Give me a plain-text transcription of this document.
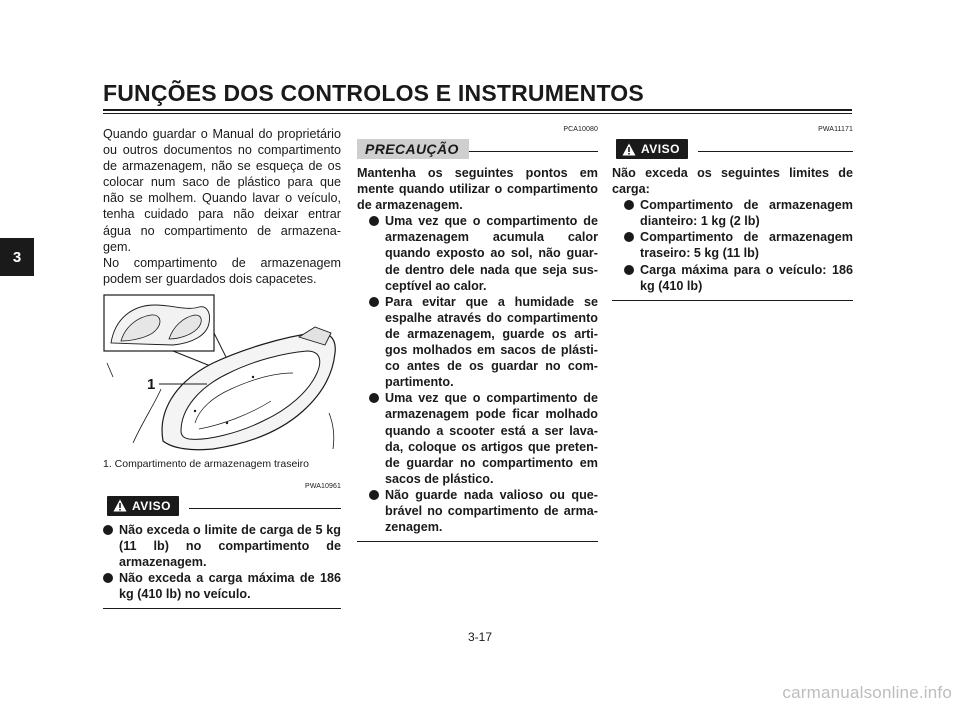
FUNÇÕES DOS CONTROLOS E INSTRUMENTOS
3

Quando guardar o Manual do proprietário ou outros documentos no compartimento de armazenagem, não se esqueça de os colocar num saco de plástico para que não se molhem. Quando lavar o veículo, tenha cuidado para não deixar entrar água no compartimento de armazena-gem.

No compartimento de armazenagem podem ser guardados dois capacetes.

1
1. Compartimento de armazenagem traseiro
PWA10961
AVISO
Não exceda o limite de carga de 5 kg (11 lb) no compartimento de armazenagem.
Não exceda a carga máxima de 186 kg (410 lb) no veículo.
PCA10080
PRECAUÇÃO

Mantenha os seguintes pontos em mente quando utilizar o compartimento de armazenagem.

Uma vez que o compartimento de armazenagem acumula calor quando exposto ao sol, não guar-de dentro dele nada que seja sus-ceptível ao calor.
Para evitar que a humidade se espalhe através do compartimento de armazenagem, guarde os arti-gos molhados em sacos de plásti-co antes de os guardar no com-partimento.
Uma vez que o compartimento de armazenagem pode ficar molhado quando a scooter está a ser lava-da, coloque os artigos que preten-de guardar no compartimento em sacos de plástico.
Não guarde nada valioso ou que-brável no compartimento de arma-zenagem.
PWA11171
AVISO

Não exceda os seguintes limites de carga:

Compartimento de armazenagem dianteiro: 1 kg (2 lb)
Compartimento de armazenagem traseiro: 5 kg (11 lb)
Carga máxima para o veículo: 186 kg (410 lb)
3-17
carmanualsonline.info
